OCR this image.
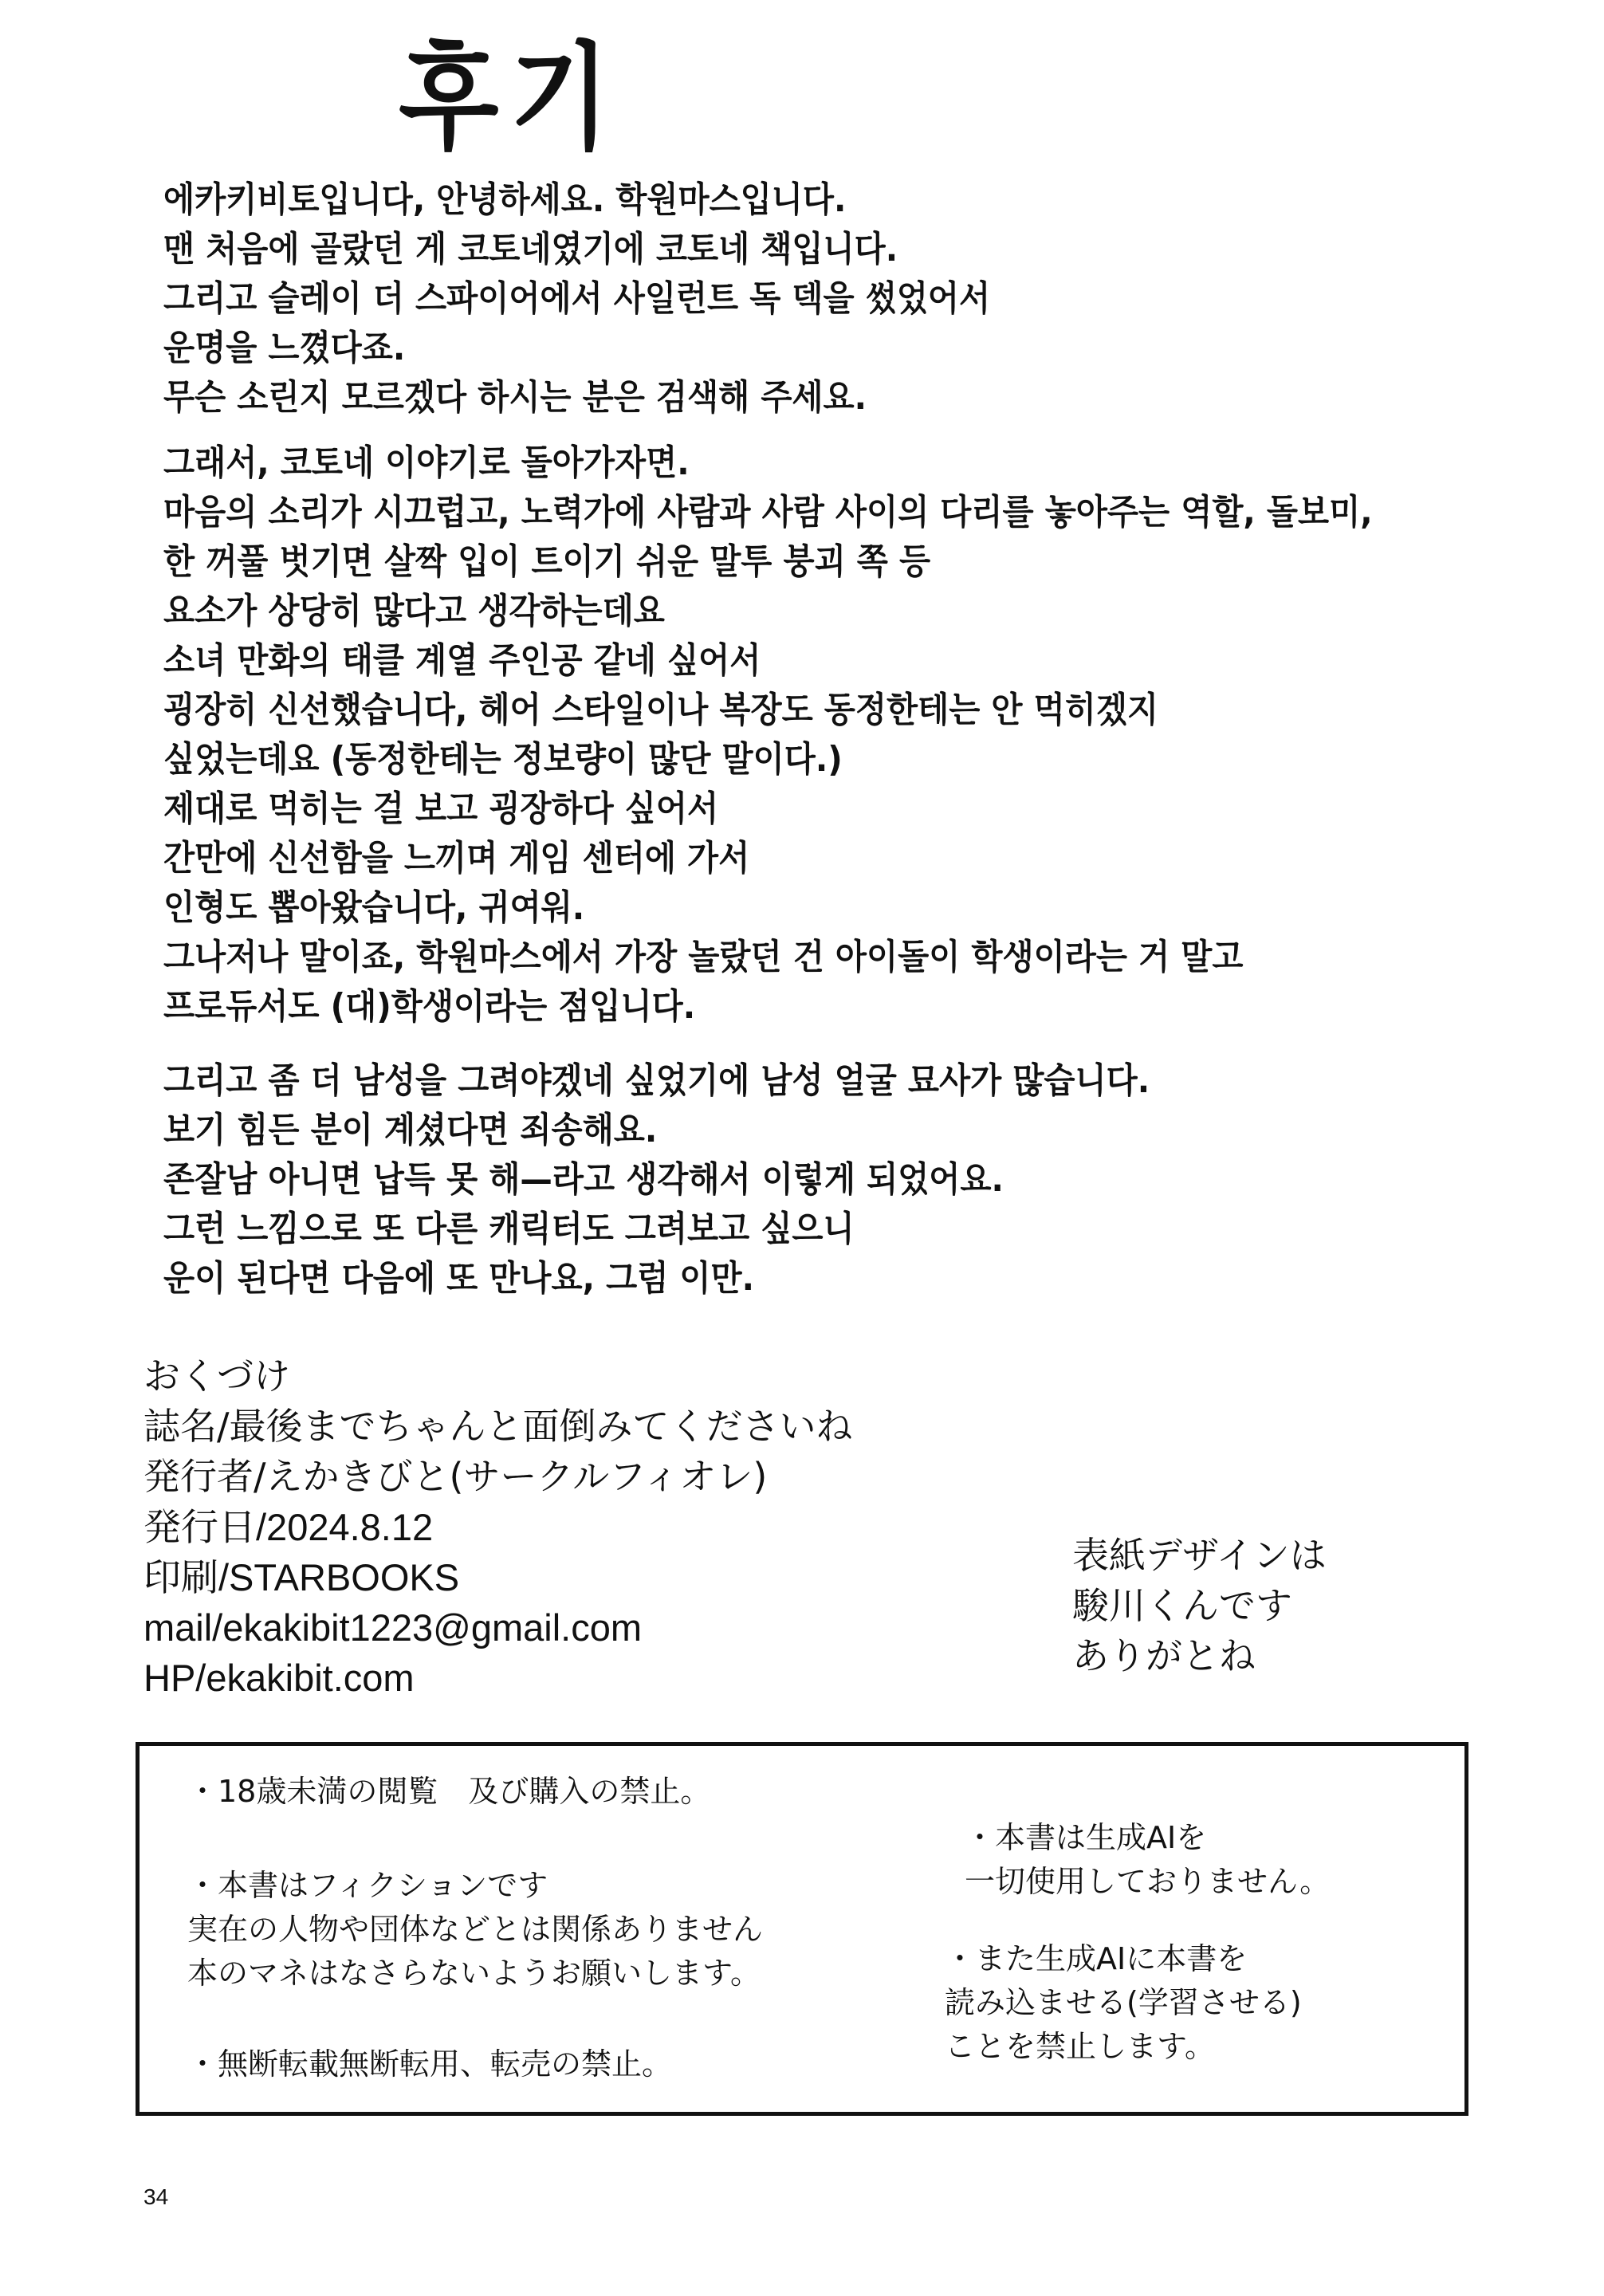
후기
에카키비토입니다, 안녕하세요. 학원마스입니다.
맨 처음에 골랐던 게 코토네였기에 코토네 책입니다.
그리고 슬레이 더 스파이어에서 사일런트 독 덱을 썼었어서
운명을 느꼈다죠.
무슨 소린지 모르겠다 하시는 분은 검색해 주세요.
그래서, 코토네 이야기로 돌아가자면.
마음의 소리가 시끄럽고, 노력가에 사람과 사람 사이의 다리를 놓아주는 역할, 돌보미,
한 꺼풀 벗기면 살짝 입이 트이기 쉬운 말투 붕괴 쪽 등
요소가 상당히 많다고 생각하는데요
소녀 만화의 태클 계열 주인공 같네 싶어서
굉장히 신선했습니다, 헤어 스타일이나 복장도 동정한테는 안 먹히겠지
싶었는데요 (동정한테는 정보량이 많단 말이다.)
제대로 먹히는 걸 보고 굉장하다 싶어서
간만에 신선함을 느끼며 게임 센터에 가서
인형도 뽑아왔습니다, 귀여워.
그나저나 말이죠, 학원마스에서 가장 놀랐던 건 아이돌이 학생이라는 거 말고
프로듀서도 (대)학생이라는 점입니다.
그리고 좀 더 남성을 그려야겠네 싶었기에 남성 얼굴 묘사가 많습니다.
보기 힘든 분이 계셨다면 죄송해요.
존잘남 아니면 납득 못 해—라고 생각해서 이렇게 되었어요.
그런 느낌으로 또 다른 캐릭터도 그려보고 싶으니
운이 된다면 다음에 또 만나요, 그럼 이만.
おくづけ
誌名/最後までちゃんと面倒みてくださいね
発行者/えかきびと(サークルフィオレ)
発行日/2024.8.12
印刷/STARBOOKS
mail/ekakibit1223@gmail.com
HP/ekakibit.com
表紙デザインは
駿川くんです
ありがとね
・18歳未満の閲覧　及び購入の禁止。
・本書はフィクションです
実在の人物や団体などとは関係ありません
本のマネはなさらないようお願いします。
・無断転載無断転用、転売の禁止。
・本書は生成AIを
一切使用しておりません。
・また生成AIに本書を
読み込ませる(学習させる)
ことを禁止します。
34
